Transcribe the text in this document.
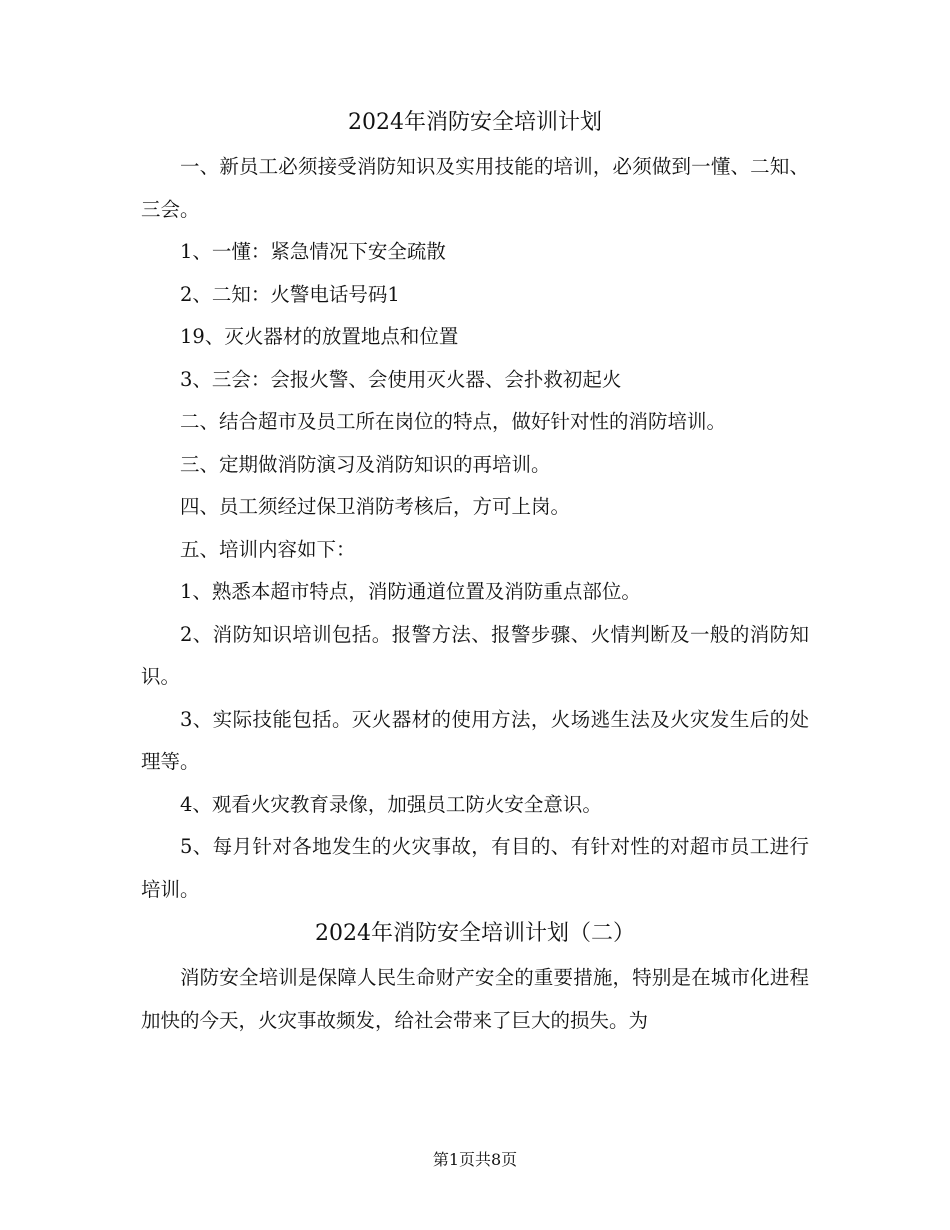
2024年消防安全培训计划

一、新员工必须接受消防知识及实用技能的培训，必须做到一懂、二知、三会。

1、一懂：紧急情况下安全疏散

2、二知：火警电话号码1

19、灭火器材的放置地点和位置

3、三会：会报火警、会使用灭火器、会扑救初起火

二、结合超市及员工所在岗位的特点，做好针对性的消防培训。

三、定期做消防演习及消防知识的再培训。

四、员工须经过保卫消防考核后，方可上岗。

五、培训内容如下：

1、熟悉本超市特点，消防通道位置及消防重点部位。

2、消防知识培训包括。报警方法、报警步骤、火情判断及一般的消防知识。

3、实际技能包括。灭火器材的使用方法，火场逃生法及火灾发生后的处理等。

4、观看火灾教育录像，加强员工防火安全意识。

5、每月针对各地发生的火灾事故，有目的、有针对性的对超市员工进行培训。

2024年消防安全培训计划（二）

消防安全培训是保障人民生命财产安全的重要措施，特别是在城市化进程加快的今天，火灾事故频发，给社会带来了巨大的损失。为

第1页共8页
